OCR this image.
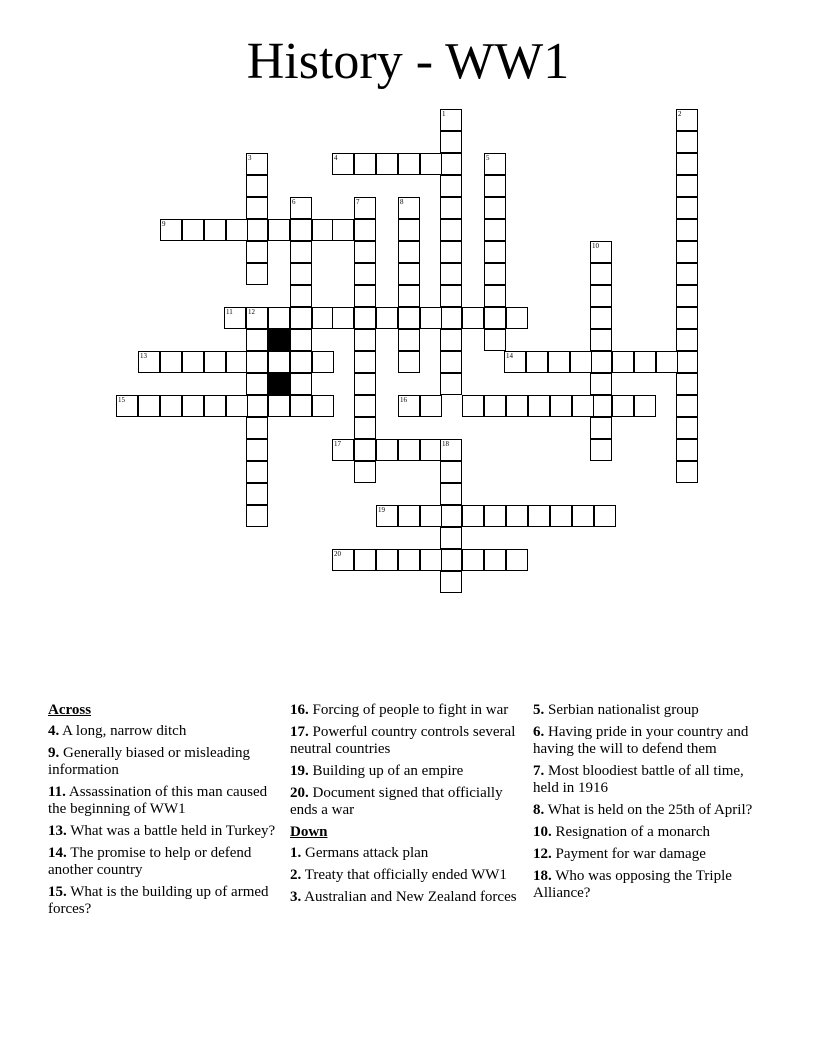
History - WW1
1	2
3	4	5
6	7	8
9
10
11 12
13	14
15	16
17	18
19
20
Across
4. A long, narrow ditch
9. Generally biased or misleading information
11. Assassination of this man caused the beginning of WW1
13. What was a battle held in Turkey?
14. The promise to help or defend another country
15. What is the building up of armed forces?
16. Forcing of people to fight in war
17. Powerful country controls several neutral countries
19. Building up of an empire
20. Document signed that officially ends a war
Down
1. Germans attack plan
2. Treaty that officially ended WW1
3. Australian and New Zealand forces
5. Serbian nationalist group
6. Having pride in your country and having the will to defend them
7. Most bloodiest battle of all time, held in 1916
8. What is held on the 25th of April?
10. Resignation of a monarch
12. Payment for war damage
18. Who was opposing the Triple Alliance?
